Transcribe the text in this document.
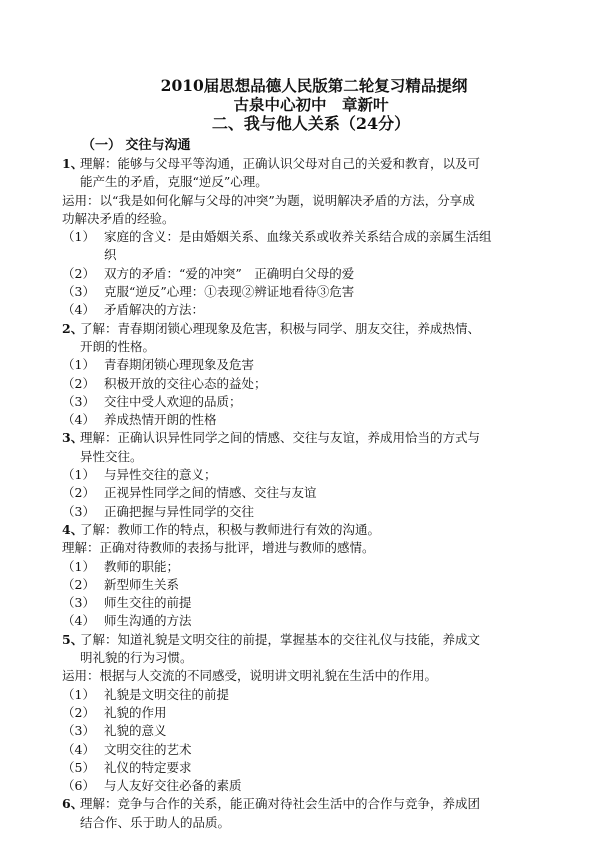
2010届思想品德人民版第二轮复习精品提纲
古泉中心初中　章新叶
二、我与他人关系（24分）
（一） 交往与沟通
1、理解：能够与父母平等沟通，正确认识父母对自己的关爱和教育，以及可
能产生的矛盾，克服“逆反”心理。
运用：以“我是如何化解与父母的冲突”为题，说明解决矛盾的方法，分享成
功解决矛盾的经验。
（1） 家庭的含义：是由婚姻关系、血缘关系或收养关系结合成的亲属生活组
织
（2） 双方的矛盾：“爱的冲突”　正确明白父母的爱
（3） 克服“逆反”心理：①表现②辨证地看待③危害
（4） 矛盾解决的方法：
2、了解：青春期闭锁心理现象及危害，积极与同学、朋友交往，养成热情、
开朗的性格。
（1） 青春期闭锁心理现象及危害
（2） 积极开放的交往心态的益处；
（3） 交往中受人欢迎的品质；
（4） 养成热情开朗的性格
3、理解：正确认识异性同学之间的情感、交往与友谊，养成用恰当的方式与
异性交往。
（1） 与异性交往的意义；
（2） 正视异性同学之间的情感、交往与友谊
（3） 正确把握与异性同学的交往
4、了解：教师工作的特点，积极与教师进行有效的沟通。
理解：正确对待教师的表扬与批评，增进与教师的感情。
（1） 教师的职能；
（2） 新型师生关系
（3） 师生交往的前提
（4） 师生沟通的方法
5、了解：知道礼貌是文明交往的前提，掌握基本的交往礼仪与技能，养成文
明礼貌的行为习惯。
运用：根据与人交流的不同感受，说明讲文明礼貌在生活中的作用。
（1） 礼貌是文明交往的前提
（2） 礼貌的作用
（3） 礼貌的意义
（4） 文明交往的艺术
（5） 礼仪的特定要求
（6） 与人友好交往必备的素质
6、理解：竞争与合作的关系，能正确对待社会生活中的合作与竞争，养成团
结合作、乐于助人的品质。
